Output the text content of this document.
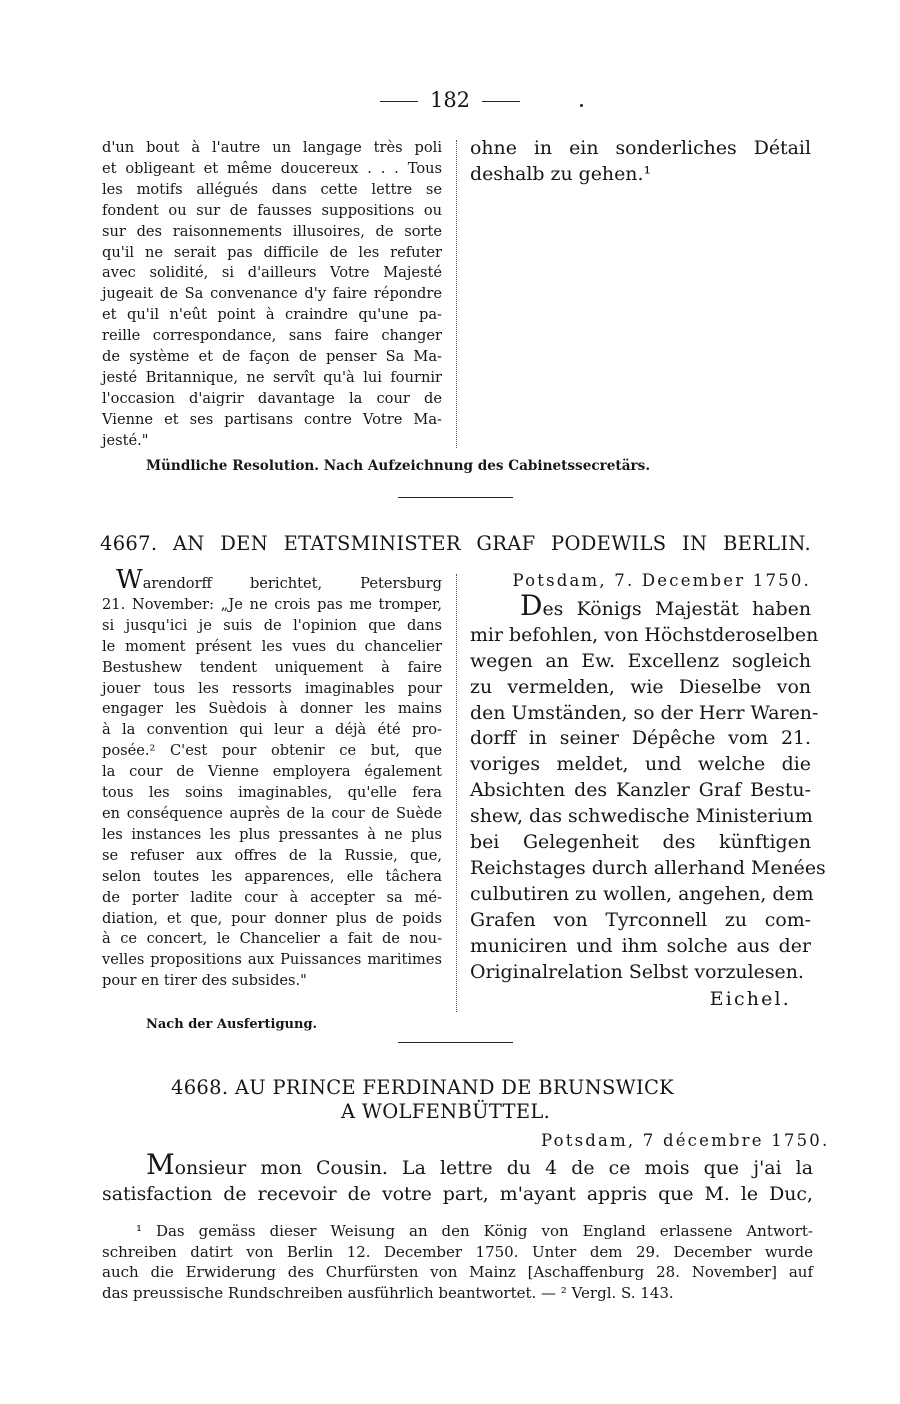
182
d'un bout à l'autre un langage très poli
et obligeant et même doucereux . . . Tous
les motifs allégués dans cette lettre se
fondent ou sur de fausses suppositions ou
sur des raisonnements illusoires, de sorte
qu'il ne serait pas difficile de les refuter
avec solidité, si d'ailleurs Votre Majesté
jugeait de Sa convenance d'y faire répondre
et qu'il n'eût point à craindre qu'une pa-
reille correspondance, sans faire changer
de système et de façon de penser Sa Ma-
jesté Britannique, ne servît qu'à lui fournir
l'occasion d'aigrir davantage la cour de
Vienne et ses partisans contre Votre Ma-
jesté."
ohne in ein sonderliches Détail
deshalb zu gehen.¹
Mündliche Resolution. Nach Aufzeichnung des Cabinetssecretärs.
4667. AN DEN ETATSMINISTER GRAF PODEWILS IN BERLIN.
Warendorff berichtet, Petersburg
21. November: „Je ne crois pas me tromper,
si jusqu'ici je suis de l'opinion que dans
le moment présent les vues du chancelier
Bestushew tendent uniquement à faire
jouer tous les ressorts imaginables pour
engager les Suèdois à donner les mains
à la convention qui leur a déjà été pro-
posée.² C'est pour obtenir ce but, que
la cour de Vienne employera également
tous les soins imaginables, qu'elle fera
en conséquence auprès de la cour de Suède
les instances les plus pressantes à ne plus
se refuser aux offres de la Russie, que,
selon toutes les apparences, elle tâchera
de porter ladite cour à accepter sa mé-
diation, et que, pour donner plus de poids
à ce concert, le Chancelier a fait de nou-
velles propositions aux Puissances maritimes
pour en tirer des subsides."
Potsdam, 7. December 1750.
Des Königs Majestät haben
mir befohlen, von Höchstderoselben
wegen an Ew. Excellenz sogleich
zu vermelden, wie Dieselbe von
den Umständen, so der Herr Waren-
dorff in seiner Dépêche vom 21.
voriges meldet, und welche die
Absichten des Kanzler Graf Bestu-
shew, das schwedische Ministerium
bei Gelegenheit des künftigen
Reichstages durch allerhand Menées
culbutiren zu wollen, angehen, dem
Grafen von Tyrconnell zu com-
municiren und ihm solche aus der
Originalrelation Selbst vorzulesen.
Eichel.
Nach der Ausfertigung.
4668. AU PRINCE FERDINAND DE BRUNSWICK
A WOLFENBÜTTEL.
Potsdam, 7 décembre 1750.
Monsieur mon Cousin. La lettre du 4 de ce mois que j'ai la
satisfaction de recevoir de votre part, m'ayant appris que M. le Duc,
¹ Das gemäss dieser Weisung an den König von England erlassene Antwort-
schreiben datirt von Berlin 12. December 1750. Unter dem 29. December wurde
auch die Erwiderung des Churfürsten von Mainz [Aschaffenburg 28. November] auf
das preussische Rundschreiben ausführlich beantwortet. — ² Vergl. S. 143.
